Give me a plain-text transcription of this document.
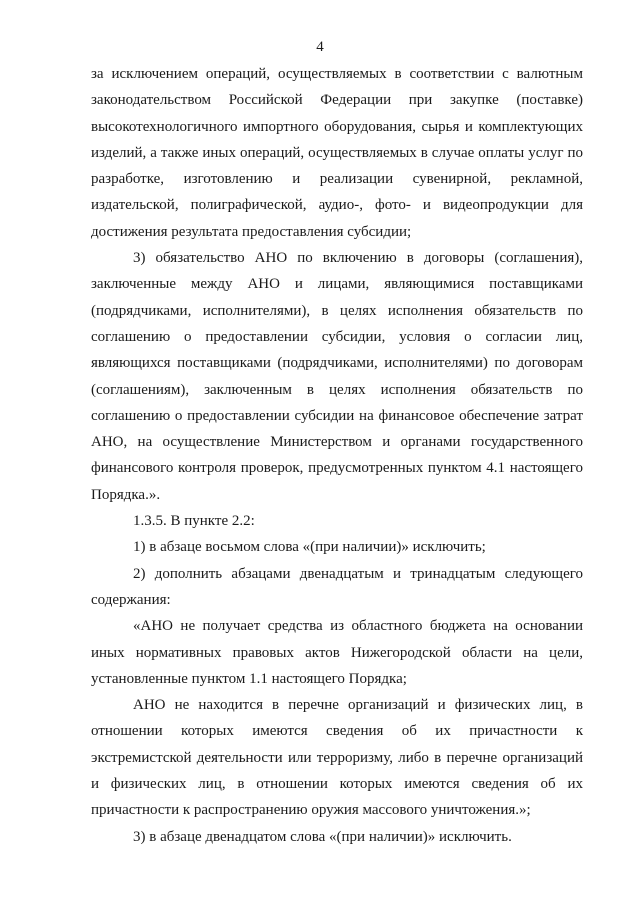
4

за исключением операций, осуществляемых в соответствии с валютным законодательством Российской Федерации при закупке (поставке) высокотехнологичного импортного оборудования, сырья и комплектующих изделий, а также иных операций, осуществляемых в случае оплаты услуг по разработке, изготовлению и реализации сувенирной, рекламной, издательской, полиграфической, аудио-, фото- и видеопродукции для достижения результата предоставления субсидии;

3) обязательство АНО по включению в договоры (соглашения), заключенные между АНО и лицами, являющимися поставщиками (подрядчиками, исполнителями), в целях исполнения обязательств по соглашению о предоставлении субсидии, условия о согласии лиц, являющихся поставщиками (подрядчиками, исполнителями) по договорам (соглашениям), заключенным в целях исполнения обязательств по соглашению о предоставлении субсидии на финансовое обеспечение затрат АНО, на осуществление Министерством и органами государственного финансового контроля проверок, предусмотренных пунктом 4.1 настоящего Порядка.».

1.3.5. В пункте 2.2:

1) в абзаце восьмом слова «(при наличии)» исключить;

2) дополнить абзацами двенадцатым и тринадцатым следующего содержания:

«АНО не получает средства из областного бюджета на основании иных нормативных правовых актов Нижегородской области на цели, установленные пунктом 1.1 настоящего Порядка;

АНО не находится в перечне организаций и физических лиц, в отношении которых имеются сведения об их причастности к экстремистской деятельности или терроризму, либо в перечне организаций и физических лиц, в отношении которых имеются сведения об их причастности к распространению оружия массового уничтожения.»;

3) в абзаце двенадцатом слова «(при наличии)» исключить.
